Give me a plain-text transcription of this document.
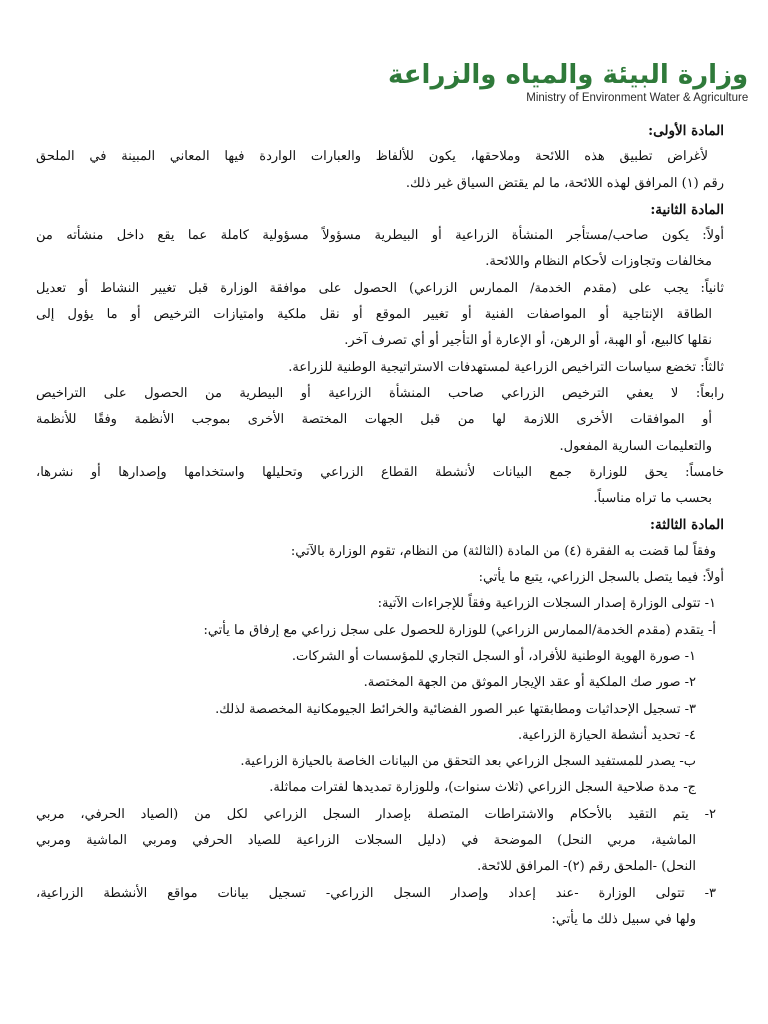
وزارة البيئة والمياه والزراعة
Ministry of Environment Water & Agriculture
المادة الأولى:
لأغراض تطبيق هذه اللائحة وملاحقها، يكون للألفاظ والعبارات الواردة فيها المعاني المبينة في الملحق
رقم (١) المرافق لهذه اللائحة، ما لم يقتض السياق غير ذلك.
المادة الثانية:
أولاً: يكون صاحب/مستأجر المنشأة الزراعية أو البيطرية مسؤولاً مسؤولية كاملة عما يقع داخل منشأته من
مخالفات وتجاوزات لأحكام النظام واللائحة.
ثانياً: يجب على (مقدم الخدمة/ الممارس الزراعي) الحصول على موافقة الوزارة قبل تغيير النشاط أو تعديل
الطاقة الإنتاجية أو المواصفات الفنية أو تغيير الموقع أو نقل ملكية وامتيازات الترخيص أو ما يؤول إلى
نقلها كالبيع، أو الهبة، أو الرهن، أو الإعارة أو التأجير أو أي تصرف آخر.
ثالثاً: تخضع سياسات التراخيص الزراعية لمستهدفات الاستراتيجية الوطنية للزراعة.
رابعاً: لا يعفي الترخيص الزراعي صاحب المنشأة الزراعية أو البيطرية من الحصول على التراخيص
أو الموافقات الأخرى اللازمة لها من قبل الجهات المختصة الأخرى بموجب الأنظمة وفقًا للأنظمة
والتعليمات السارية المفعول.
خامساً: يحق للوزارة جمع البيانات لأنشطة القطاع الزراعي وتحليلها واستخدامها وإصدارها أو نشرها،
بحسب ما تراه مناسباً.
المادة الثالثة:
وفقاً لما قضت به الفقرة (٤) من المادة (الثالثة) من النظام، تقوم الوزارة بالآتي:
أولاً: فيما يتصل بالسجل الزراعي، يتبع ما يأتي:
١- تتولى الوزارة إصدار السجلات الزراعية وفقاً للإجراءات الآتية:
أ- يتقدم (مقدم الخدمة/الممارس الزراعي) للوزارة للحصول على سجل زراعي مع إرفاق ما يأتي:
١- صورة الهوية الوطنية للأفراد، أو السجل التجاري للمؤسسات أو الشركات.
٢- صور صك الملكية أو عقد الإيجار الموثق من الجهة المختصة.
٣- تسجيل الإحداثيات ومطابقتها عبر الصور الفضائية والخرائط الجيومكانية المخصصة لذلك.
٤- تحديد أنشطة الحيازة الزراعية.
ب- يصدر للمستفيد السجل الزراعي بعد التحقق من البيانات الخاصة بالحيازة الزراعية.
ج- مدة صلاحية السجل الزراعي (ثلاث سنوات)، وللوزارة تمديدها لفترات مماثلة.
٢- يتم التقيد بالأحكام والاشتراطات المتصلة بإصدار السجل الزراعي لكل من (الصياد الحرفي، مربي
الماشية، مربي النحل) الموضحة في (دليل السجلات الزراعية للصياد الحرفي ومربي الماشية ومربي
النحل) -الملحق رقم (٢)- المرافق للائحة.
٣- تتولى الوزارة -عند إعداد وإصدار السجل الزراعي- تسجيل بيانات مواقع الأنشطة الزراعية،
ولها في سبيل ذلك ما يأتي:
